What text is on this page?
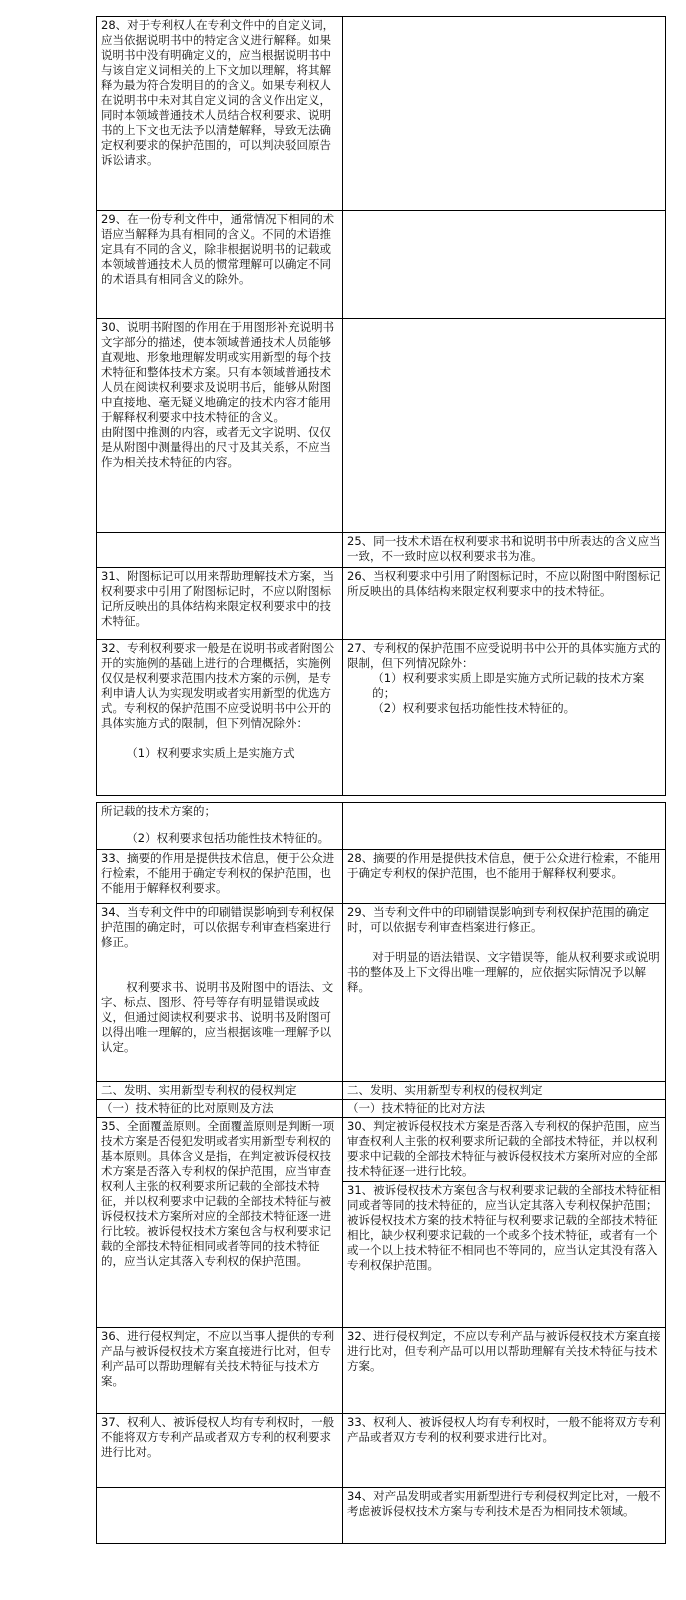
28、对于专利权人在专利文件中的自定义词，应当依据说明书中的特定含义进行解释。如果说明书中没有明确定义的，应当根据说明书中与该自定义词相关的上下文加以理解，将其解释为最为符合发明目的的含义。如果专利权人在说明书中未对其自定义词的含义作出定义，同时本领域普通技术人员结合权利要求、说明书的上下文也无法予以清楚解释，导致无法确定权利要求的保护范围的，可以判决驳回原告诉讼请求。

29、在一份专利文件中，通常情况下相同的术语应当解释为具有相同的含义。不同的术语推定具有不同的含义，除非根据说明书的记载或本领域普通技术人员的惯常理解可以确定不同的术语具有相同含义的除外。

30、说明书附图的作用在于用图形补充说明书文字部分的描述，使本领域普通技术人员能够直观地、形象地理解发明或实用新型的每个技术特征和整体技术方案。只有本领域普通技术人员在阅读权利要求及说明书后，能够从附图中直接地、毫无疑义地确定的技术内容才能用于解释权利要求中技术特征的含义。

由附图中推测的内容，或者无文字说明、仅仅是从附图中测量得出的尺寸及其关系，不应当作为相关技术特征的内容。

25、同一技术术语在权利要求书和说明书中所表达的含义应当一致，不一致时应以权利要求书为准。

31、附图标记可以用来帮助理解技术方案，当权利要求中引用了附图标记时，不应以附图标记所反映出的具体结构来限定权利要求中的技术特征。

26、当权利要求中引用了附图标记时，不应以附图中附图标记所反映出的具体结构来限定权利要求中的技术特征。

32、专利权利要求一般是在说明书或者附图公开的实施例的基础上进行的合理概括，实施例仅仅是权利要求范围内技术方案的示例，是专利申请人认为实现发明或者实用新型的优选方式。专利权的保护范围不应受说明书中公开的具体实施方式的限制，但下列情况除外：

（1）权利要求实质上是实施方式

27、专利权的保护范围不应受说明书中公开的具体实施方式的限制，但下列情况除外：

（1）权利要求实质上即是实施方式所记载的技术方案的；

（2）权利要求包括功能性技术特征的。

所记载的技术方案的；

（2）权利要求包括功能性技术特征的。

33、摘要的作用是提供技术信息，便于公众进行检索，不能用于确定专利权的保护范围，也不能用于解释权利要求。

28、摘要的作用是提供技术信息，便于公众进行检索，不能用于确定专利权的保护范围，也不能用于解释权利要求。

34、当专利文件中的印刷错误影响到专利权保护范围的确定时，可以依据专利审查档案进行修正。

权利要求书、说明书及附图中的语法、文字、标点、图形、符号等存有明显错误或歧义，但通过阅读权利要求书、说明书及附图可以得出唯一理解的，应当根据该唯一理解予以认定。

29、当专利文件中的印刷错误影响到专利权保护范围的确定时，可以依据专利审查档案进行修正。

对于明显的语法错误、文字错误等，能从权利要求或说明书的整体及上下文得出唯一理解的，应依据实际情况予以解释。

二、发明、实用新型专利权的侵权判定	二、发明、实用新型专利权的侵权判定

（一）技术特征的比对原则及方法	（一）技术特征的比对方法

35、全面覆盖原则。全面覆盖原则是判断一项技术方案是否侵犯发明或者实用新型专利权的基本原则。具体含义是指，在判定被诉侵权技术方案是否落入专利权的保护范围，应当审查权利人主张的权利要求所记载的全部技术特征，并以权利要求中记载的全部技术特征与被诉侵权技术方案所对应的全部技术特征逐一进行比较。被诉侵权技术方案包含与权利要求记载的全部技术特征相同或者等同的技术特征的，应当认定其落入专利权的保护范围。

30、判定被诉侵权技术方案是否落入专利权的保护范围，应当审查权利人主张的权利要求所记载的全部技术特征，并以权利要求中记载的全部技术特征与被诉侵权技术方案所对应的全部技术特征逐一进行比较。

31、被诉侵权技术方案包含与权利要求记载的全部技术特征相同或者等同的技术特征的，应当认定其落入专利权保护范围；被诉侵权技术方案的技术特征与权利要求记载的全部技术特征相比，缺少权利要求记载的一个或多个技术特征，或者有一个或一个以上技术特征不相同也不等同的，应当认定其没有落入专利权保护范围。

36、进行侵权判定，不应以当事人提供的专利产品与被诉侵权技术方案直接进行比对，但专利产品可以帮助理解有关技术特征与技术方案。

32、进行侵权判定，不应以专利产品与被诉侵权技术方案直接进行比对，但专利产品可以用以帮助理解有关技术特征与技术方案。

37、权利人、被诉侵权人均有专利权时，一般不能将双方专利产品或者双方专利的权利要求进行比对。

33、权利人、被诉侵权人均有专利权时，一般不能将双方专利产品或者双方专利的权利要求进行比对。

34、对产品发明或者实用新型进行专利侵权判定比对，一般不考虑被诉侵权技术方案与专利技术是否为相同技术领域。
